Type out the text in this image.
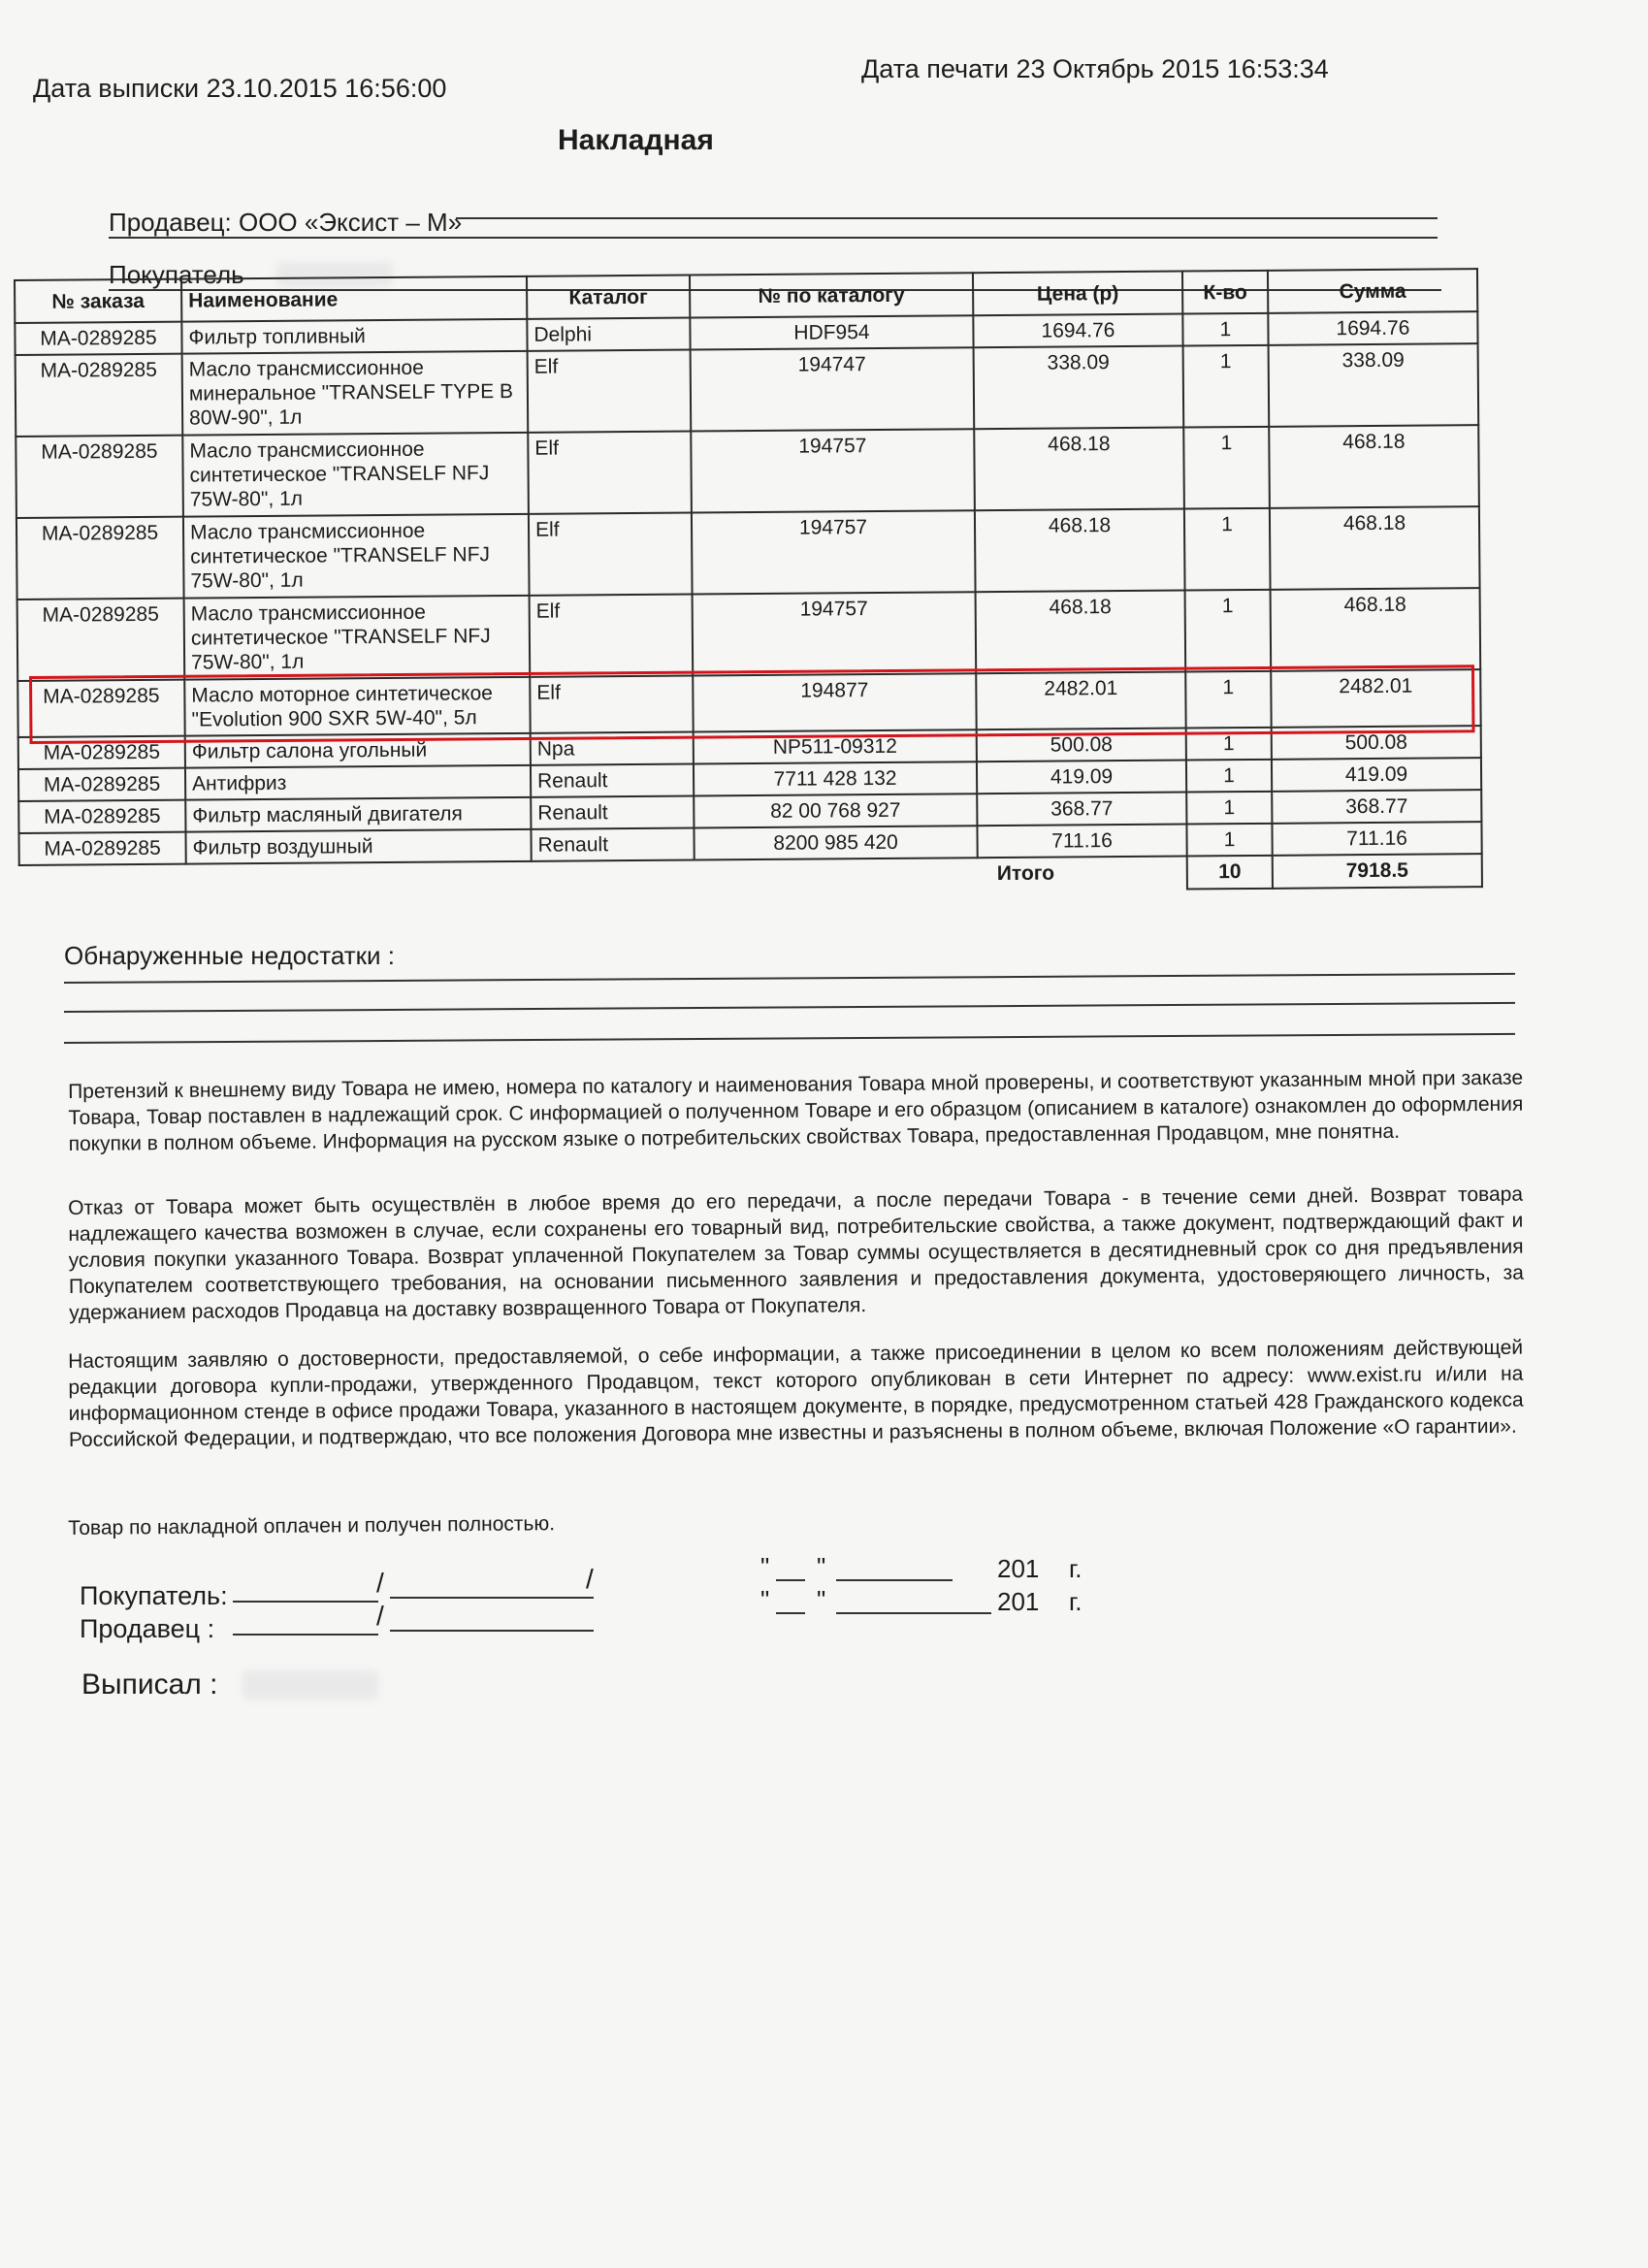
Дата выписки 23.10.2015 16:56:00
Дата печати 23 Октябрь 2015 16:53:34
Накладная
Продавец: ООО «Эксист – М»
Покупатель
№ заказа	Наименование	Каталог	№ по каталогу	Цена (р)	К-во	Сумма
МА-0289285	Фильтр топливный	Delphi	HDF954	1694.76	1	1694.76
МА-0289285	Масло трансмиссионное минеральное "TRANSELF TYPE B 80W-90", 1л	Elf	194747	338.09	1	338.09
МА-0289285	Масло трансмиссионное синтетическое "TRANSELF NFJ 75W-80", 1л	Elf	194757	468.18	1	468.18
МА-0289285	Масло трансмиссионное синтетическое "TRANSELF NFJ 75W-80", 1л	Elf	194757	468.18	1	468.18
МА-0289285	Масло трансмиссионное синтетическое "TRANSELF NFJ 75W-80", 1л	Elf	194757	468.18	1	468.18
МА-0289285	Масло моторное синтетическое "Evolution 900 SXR 5W-40", 5л	Elf	194877	2482.01	1	2482.01
МА-0289285	Фильтр салона угольный	Npa	NP511-09312	500.08	1	500.08
МА-0289285	Антифриз	Renault	7711 428 132	419.09	1	419.09
МА-0289285	Фильтр масляный двигателя	Renault	82 00 768 927	368.77	1	368.77
МА-0289285	Фильтр воздушный	Renault	8200 985 420	711.16	1	711.16
				Итого	10	7918.5
Обнаруженные недостатки :
Претензий к внешнему виду Товара не имею, номера по каталогу и наименования Товара мной проверены, и соответствуют указанным мной при заказе Товара, Товар поставлен в надлежащий срок. С информацией о полученном Товаре и его образцом (описанием в каталоге) ознакомлен до оформления покупки в полном объеме. Информация на русском языке о потребительских свойствах Товара, предоставленная Продавцом, мне понятна.
Отказ от Товара может быть осуществлён в любое время до его передачи, а после передачи Товара - в течение семи дней. Возврат товара надлежащего качества возможен в случае, если сохранены его товарный вид, потребительские свойства, а также документ, подтверждающий факт и условия покупки указанного Товара. Возврат уплаченной Покупателем за Товар суммы осуществляется в десятидневный срок со дня предъявления Покупателем соответствующего требования, на основании письменного заявления и предоставления документа, удостоверяющего личность, за удержанием расходов Продавца на доставку возвращенного Товара от Покупателя.
Настоящим заявляю о достоверности, предоставляемой, о себе информации, а также присоединении в целом ко всем положениям действующей редакции договора купли-продажи, утвержденного Продавцом, текст которого опубликован в сети Интернет по адресу: www.exist.ru и/или на информационном стенде в офисе продажи Товара, указанного в настоящем документе, в порядке, предусмотренном статьей 428 Гражданского кодекса Российской Федерации, и подтверждаю, что все положения Договора мне известны и разъяснены в полном объеме, включая Положение «О гарантии».
Товар по накладной оплачен и получен полностью.
Покупатель:	/	/
Продавец :	/
" "	201 г.
" "	201 г.
Выписал :
